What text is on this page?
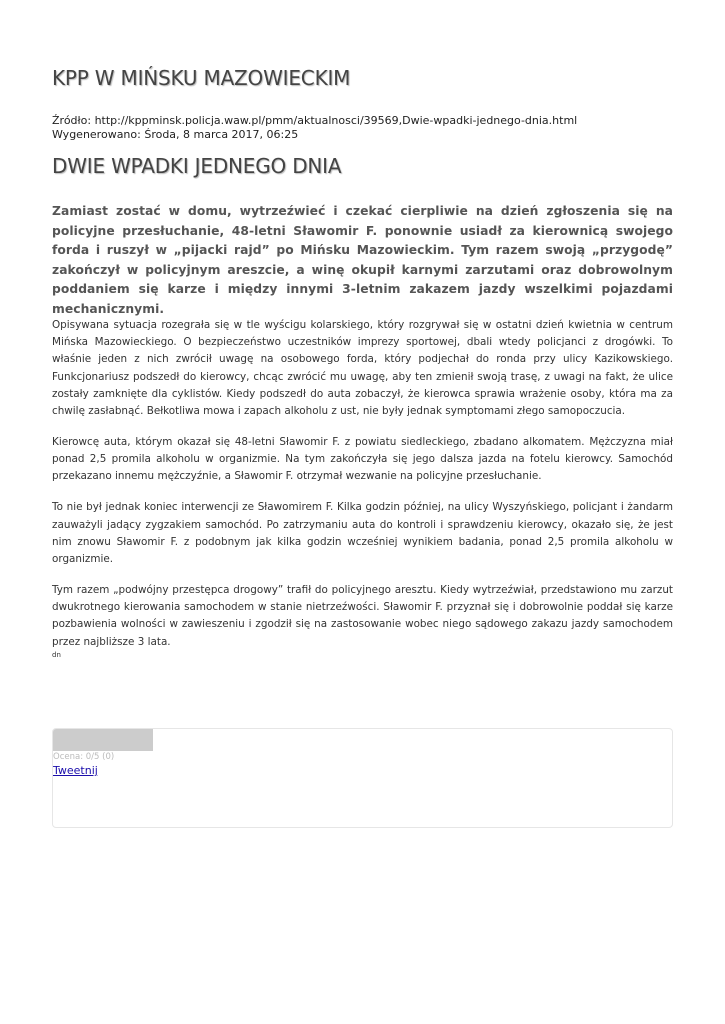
KPP W MIŃSKU MAZOWIECKIM
Źródło: http://kppminsk.policja.waw.pl/pmm/aktualnosci/39569,Dwie-wpadki-jednego-dnia.html
Wygenerowano: Środa, 8 marca 2017, 06:25
DWIE WPADKI JEDNEGO DNIA

Zamiast zostać w domu, wytrzeźwieć i czekać cierpliwie na dzień zgłoszenia się na policyjne przesłuchanie, 48-letni Sławomir F. ponownie usiadł za kierownicą swojego forda i ruszył w „pijacki rajd” po Mińsku Mazowieckim. Tym razem swoją „przygodę” zakończył w policyjnym areszcie, a winę okupił karnymi zarzutami oraz dobrowolnym poddaniem się karze i między innymi 3-letnim zakazem jazdy wszelkimi pojazdami mechanicznymi.

Opisywana sytuacja rozegrała się w tle wyścigu kolarskiego, który rozgrywał się w ostatni dzień kwietnia w centrum Mińska Mazowieckiego. O bezpieczeństwo uczestników imprezy sportowej, dbali wtedy policjanci z drogówki. To właśnie jeden z nich zwrócił uwagę na osobowego forda, który podjechał do ronda przy ulicy Kazikowskiego. Funkcjonariusz podszedł do kierowcy, chcąc zwrócić mu uwagę, aby ten zmienił swoją trasę, z uwagi na fakt, że ulice zostały zamknięte dla cyklistów. Kiedy podszedł do auta zobaczył, że kierowca sprawia wrażenie osoby, która ma za chwilę zasłabnąć. Bełkotliwa mowa i zapach alkoholu z ust, nie były jednak symptomami złego samopoczucia.

Kierowcę auta, którym okazał się 48-letni Sławomir F. z powiatu siedleckiego, zbadano alkomatem. Mężczyzna miał ponad 2,5 promila alkoholu w organizmie. Na tym zakończyła się jego dalsza jazda na fotelu kierowcy. Samochód przekazano innemu mężczyźnie, a Sławomir F. otrzymał wezwanie na policyjne przesłuchanie.

To nie był jednak koniec interwencji ze Sławomirem F. Kilka godzin później, na ulicy Wyszyńskiego, policjant i żandarm zauważyli jadący zygzakiem samochód. Po zatrzymaniu auta do kontroli i sprawdzeniu kierowcy, okazało się, że jest nim znowu Sławomir F. z podobnym jak kilka godzin wcześniej wynikiem badania, ponad 2,5 promila alkoholu w organizmie.

Tym razem „podwójny przestępca drogowy” trafił do policyjnego aresztu. Kiedy wytrzeźwiał, przedstawiono mu zarzut dwukrotnego kierowania samochodem w stanie nietrzeźwości. Sławomir F. przyznał się i dobrowolnie poddał się karze pozbawienia wolności w zawieszeniu i zgodził się na zastosowanie wobec niego sądowego zakazu jazdy samochodem przez najbliższe 3 lata.

dn
Ocena: 0/5 (0)
Tweetnij
